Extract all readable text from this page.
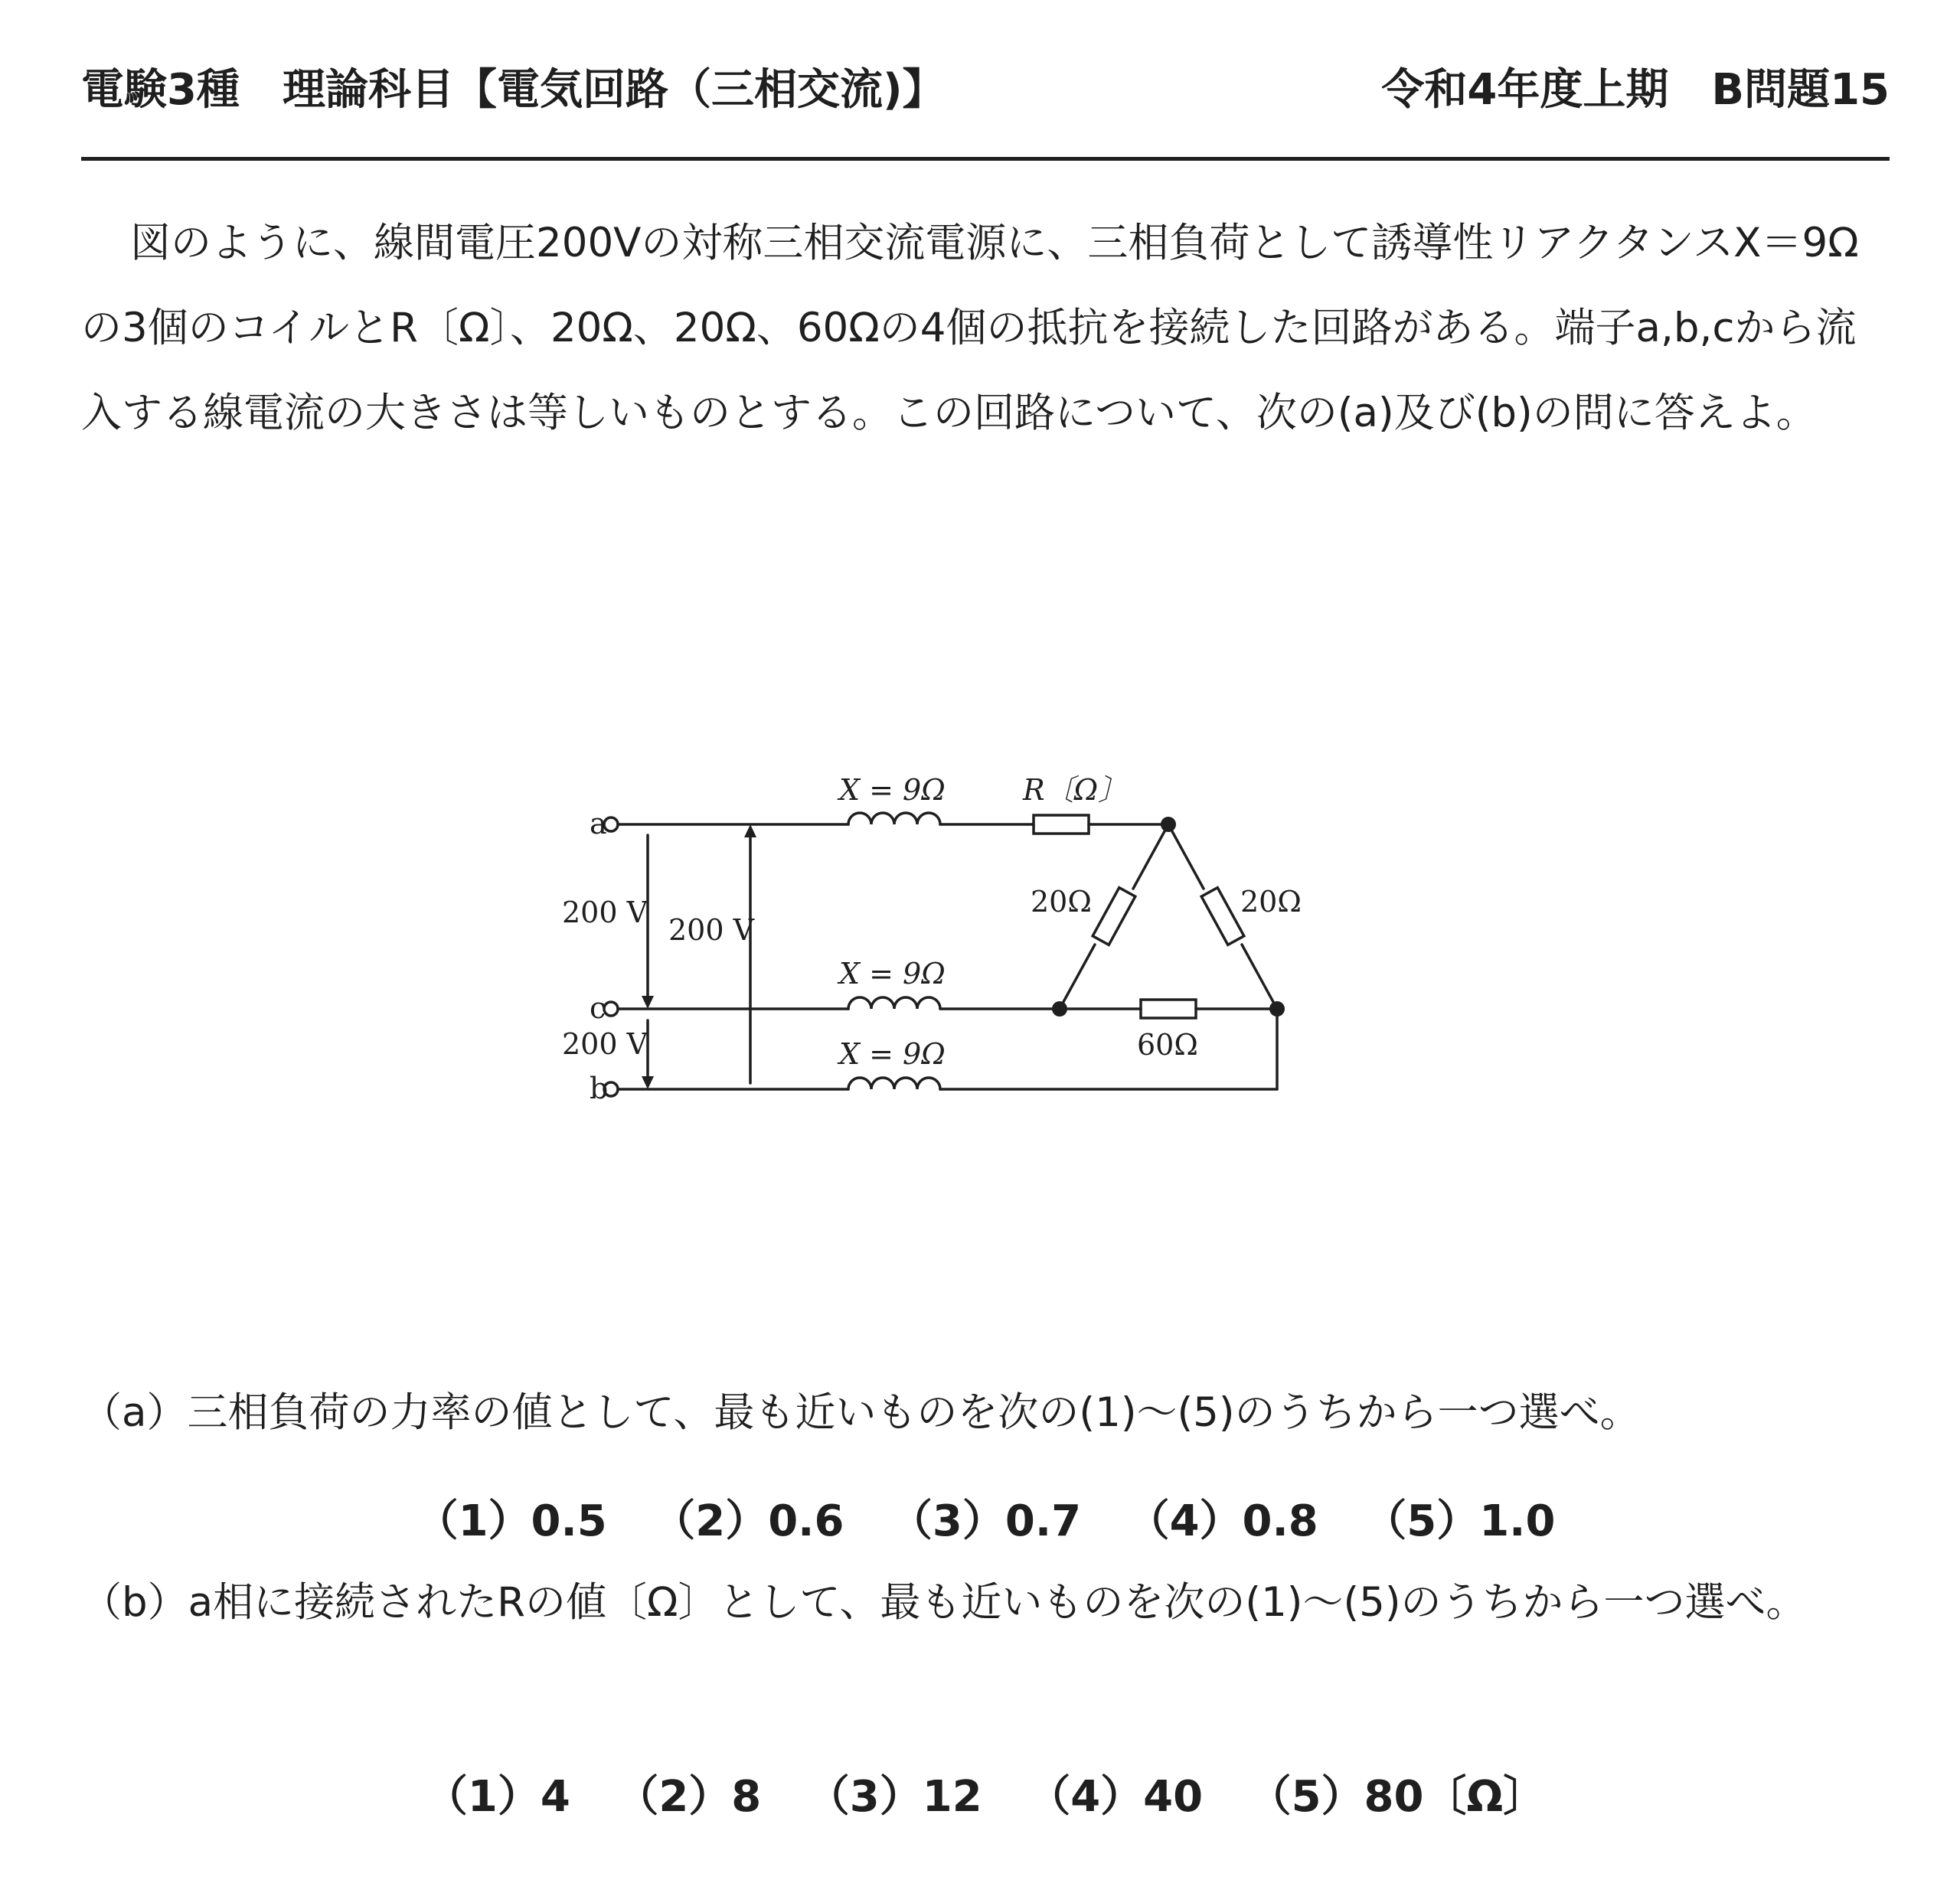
電験3種　理論科目【電気回路（三相交流)】	令和4年度上期　B問題15

図のように、線間電圧200Vの対称三相交流電源に、三相負荷として誘導性リアクタンスX＝9Ωの3個のコイルとR〔Ω〕、20Ω、20Ω、60Ωの4個の抵抗を接続した回路がある。端子a,b,cから流入する線電流の大きさは等しいものとする。この回路について、次の(a)及び(b)の問に答えよ。

a
c
b
200 V
200 V
200 V
X = 9Ω
X = 9Ω
X = 9Ω
R〔Ω〕
20Ω	20Ω
60Ω

（a）三相負荷の力率の値として、最も近いものを次の(1)～(5)のうちから一つ選べ。

（1）0.5 （2）0.6 （3）0.7 （4）0.8 （5）1.0

（b）a相に接続されたRの値〔Ω〕として、最も近いものを次の(1)～(5)のうちから一つ選べ。

（1）4 （2）8 （3）12 （4）40 （5）80〔Ω〕
